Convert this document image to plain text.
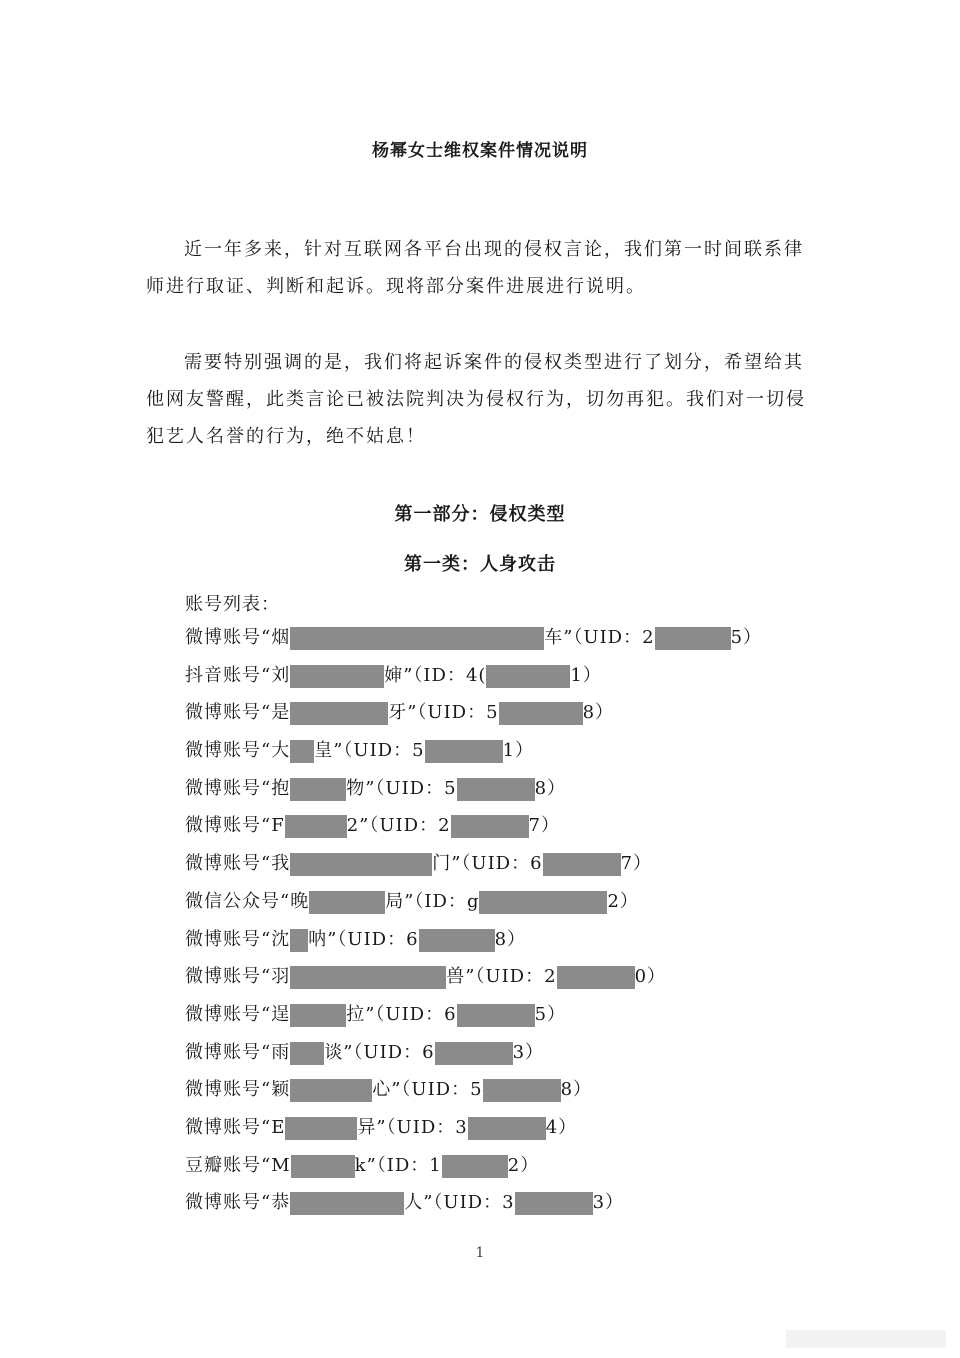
杨幂女士维权案件情况说明

近一年多来，针对互联网各平台出现的侵权言论，我们第一时间联系律师进行取证、判断和起诉。现将部分案件进展进行说明。

需要特别强调的是，我们将起诉案件的侵权类型进行了划分，希望给其他网友警醒，此类言论已被法院判决为侵权行为，切勿再犯。我们对一切侵犯艺人名誉的行为，绝不姑息！

第一部分：侵权类型
第一类：人身攻击
账号列表：
微博账号“烟	车”（UID：2	5）
抖音账号“刘	婶”（ID：4(	1）
微博账号“是	牙”（UID：5	8）
微博账号“大 皇”（UID：5	1）
微博账号“抱	物”（UID：5	8）
微博账号“F	2”（UID：2	7）
微博账号“我	门”（UID：6	7）
微信公众号“晚	局”（ID：g	2）
微博账号“沈 呐”（UID：6	8）
微博账号“羽	兽”（UID：2	0）
微博账号“逞	拉”（UID：6	5）
微博账号“雨 谈”（UID：6	3）
微博账号“颖	心”（UID：5	8）
微博账号“E	异”（UID：3	4）
豆瓣账号“M	k”（ID：1	2）
微博账号“恭	人”（UID：3	3）
1
